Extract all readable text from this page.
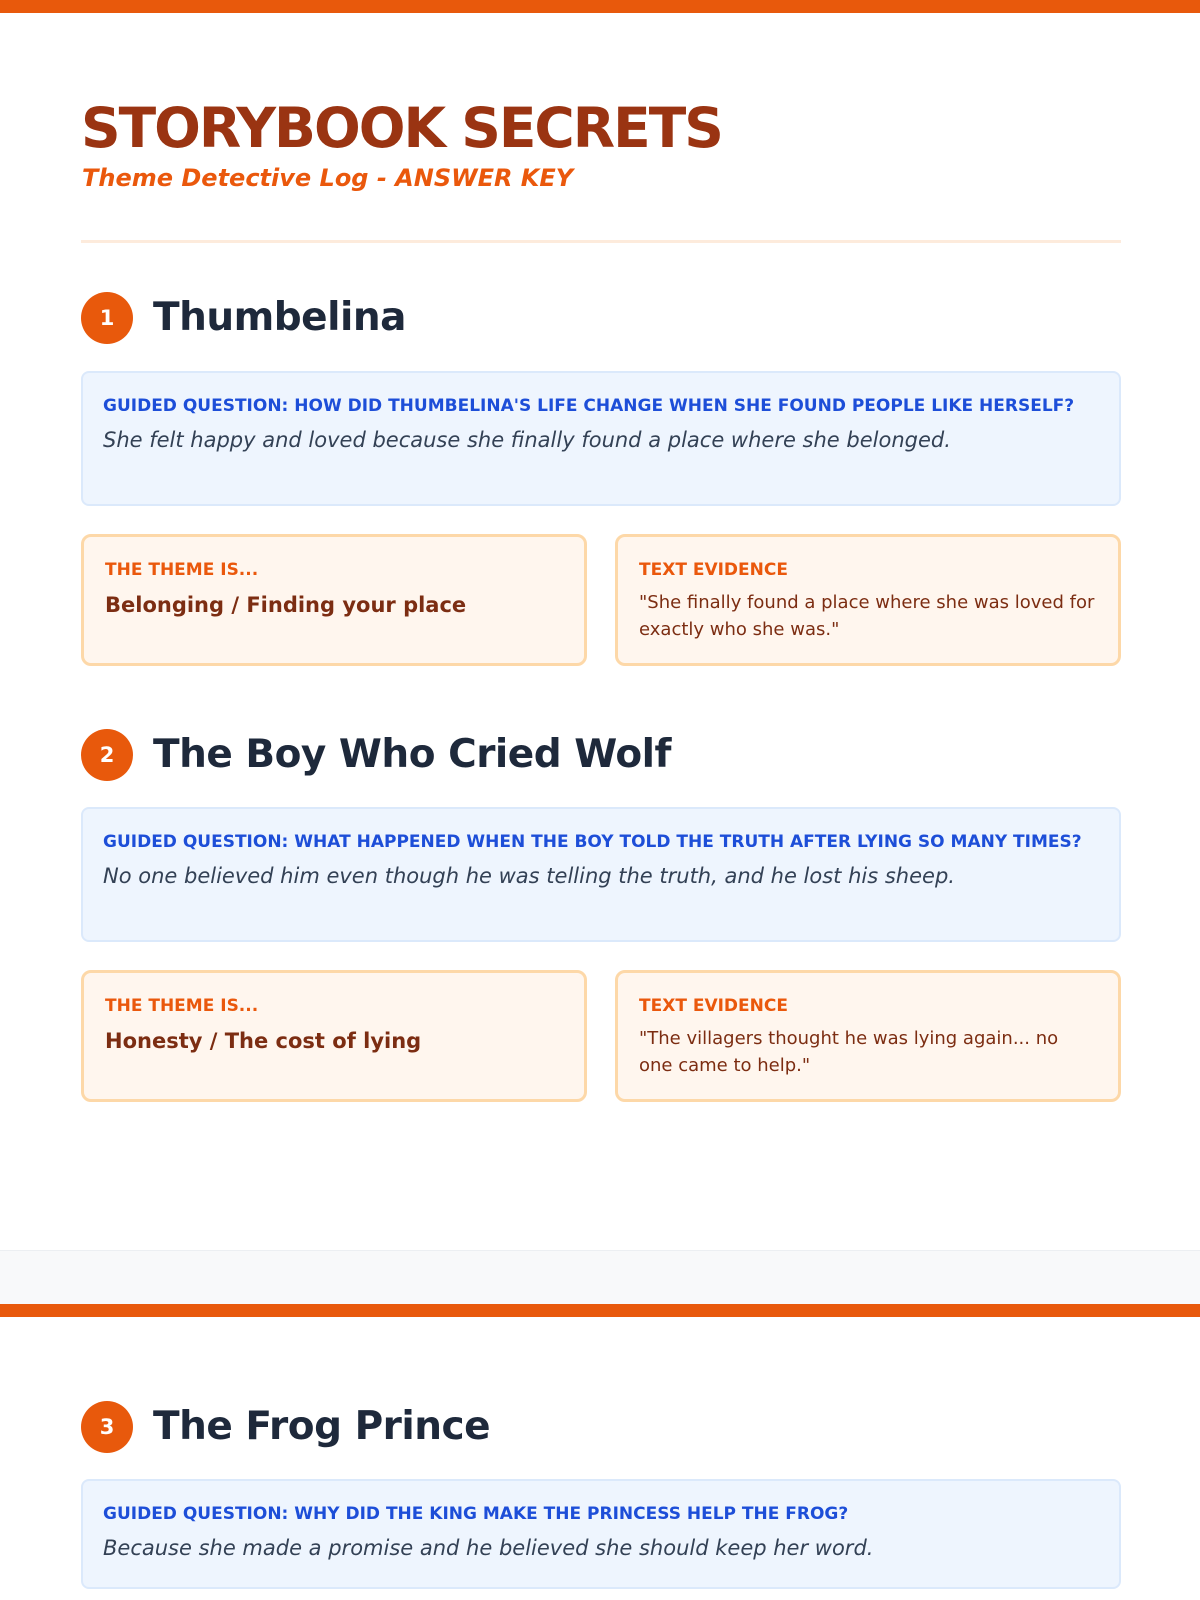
STORYBOOK SECRETS
Theme Detective Log - ANSWER KEY
1 Thumbelina
GUIDED QUESTION: HOW DID THUMBELINA'S LIFE CHANGE WHEN SHE FOUND PEOPLE LIKE HERSELF?
She felt happy and loved because she finally found a place where she belonged.
THE THEME IS...
Belonging / Finding your place
TEXT EVIDENCE
"She finally found a place where she was loved for exactly who she was."
2 The Boy Who Cried Wolf
GUIDED QUESTION: WHAT HAPPENED WHEN THE BOY TOLD THE TRUTH AFTER LYING SO MANY TIMES?
No one believed him even though he was telling the truth, and he lost his sheep.
THE THEME IS...
Honesty / The cost of lying
TEXT EVIDENCE
"The villagers thought he was lying again... no one came to help."
3 The Frog Prince
GUIDED QUESTION: WHY DID THE KING MAKE THE PRINCESS HELP THE FROG?
Because she made a promise and he believed she should keep her word.
